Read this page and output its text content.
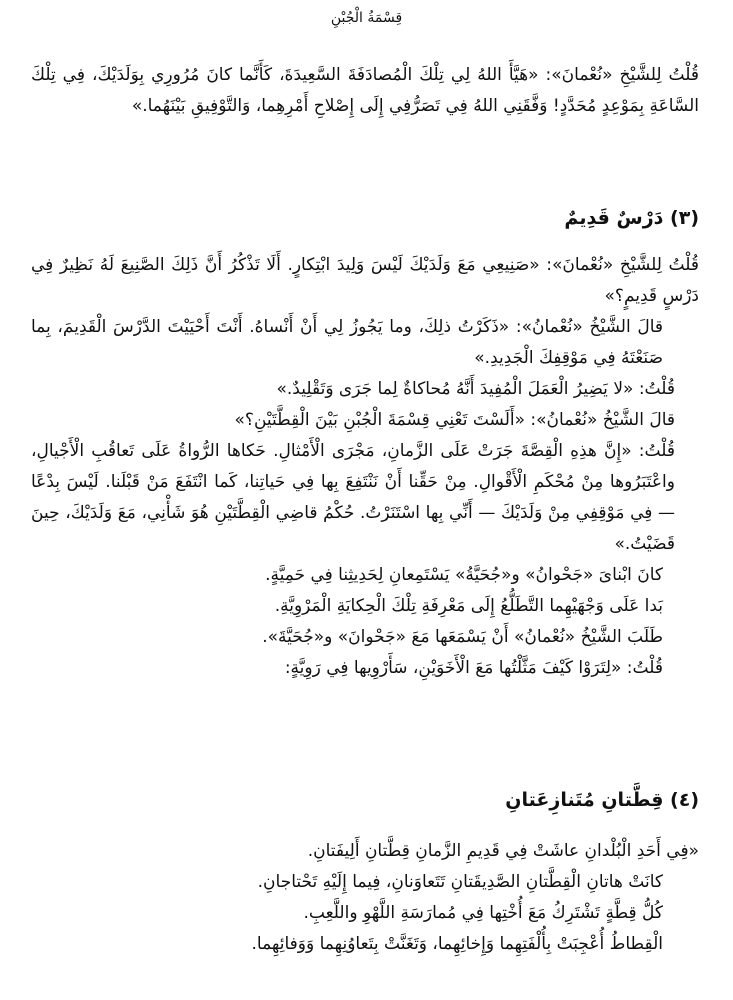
قِسْمَةُ الْجُبْنِ

قُلْتُ لِلشَّيْخِ «نُعْمانَ»: «هَيَّأَ اللهُ لِي تِلْكَ الْمُصادَفَةَ السَّعِيدَةَ، كَأَنَّما كانَ مُرُورِي بِوَلَدَيْكَ، فِي تِلْكَ السَّاعَةِ بِمَوْعِدٍ مُحَدَّدٍ! وَفَّقَنِي اللهُ فِي تَصَرُّفِي إِلَى إِصْلاحِ أَمْرِهِما، وَالتَّوْفِيقِ بَيْنَهُما.»

(٣) دَرْسٌ قَدِيمٌ

قُلْتُ لِلشَّيْخِ «نُعْمانَ»: «صَنِيعِي مَعَ وَلَدَيْكَ لَيْسَ وَلِيدَ ابْتِكارٍ. أَلَا تَذْكُرُ أَنَّ ذَلِكَ الصَّنِيعَ لَهُ نَظِيرٌ فِي دَرْسٍ قَدِيمٍ؟»

قالَ الشَّيْخُ «نُعْمانُ»: «ذَكَرْتُ ذلِكَ، وما يَجُوزُ لِي أَنْ أَنْساهُ. أَنْتَ أَحْيَيْتَ الدَّرْسَ الْقَدِيمَ، بِما صَنَعْتَهُ فِي مَوْقِفِكَ الْجَدِيدِ.»

قُلْتُ: «لا يَضِيرُ الْعَمَلَ الْمُفِيدَ أَنَّهُ مُحاكاةٌ لِما جَرَى وَتَقْلِيدٌ.»

قالَ الشَّيْخُ «نُعْمانُ»: «أَلَسْتَ تَعْنِي قِسْمَةَ الْجُبْنِ بَيْنَ الْقِطَّتَيْنِ؟»

قُلْتُ: «إِنَّ هذِهِ الْقِصَّةَ جَرَتْ عَلَى الزَّمانِ، مَجْرَى الْأَمْثالِ. حَكاها الرُّواةُ عَلَى تَعاقُبِ الْأَجْيالِ، واعْتَبَرُوها مِنْ مُحْكَمِ الْأَقْوالِ. مِنْ حَقِّنا أَنْ نَنْتَفِعَ بِها فِي حَياتِنا، كَما انْتَفَعَ مَنْ قَبْلَنا. لَيْسَ بِدْعًا — فِي مَوْقِفِي مِنْ وَلَدَيْكَ — أَنِّي بِها اسْتَنَرْتُ. حُكْمُ قاضِي الْقِطَّتَيْنِ هُوَ شَأْنِي، مَعَ وَلَدَيْكَ، حِينَ قَضَيْتُ.»

كانَ ابْناىَ «جَحْوانُ» و«جُحَيَّةُ» يَسْتَمِعانِ لِحَدِيثِنا فِي حَمِيَّةٍ.

بَدا عَلَى وَجْهَيْهِما التَّطَلُّعُ إِلَى مَعْرِفَةِ تِلْكَ الْحِكايَةِ الْمَرْوِيَّةِ.

طَلَبَ الشَّيْخُ «نُعْمانُ» أَنْ يَسْمَعَها مَعَ «جَحْوانَ» و«جُحَيَّةَ».

قُلْتُ: «لِتَرَوْا كَيْفَ مَثَّلْتُها مَعَ الْأَخَوَيْنِ، سَأَرْوِيها فِي رَوِيَّةٍ:

(٤) قِطَّتانِ مُتَنازِعَتانِ

«فِي أَحَدِ الْبُلْدانِ عاشَتْ فِي قَدِيمِ الزَّمانِ قِطَّتانِ أَلِيفَتانِ.

كانَتْ هاتانِ الْقِطَّتانِ الصَّدِيقَتانِ تَتَعاوَنانِ، فِيما إِلَيْهِ تَحْتاجانِ.

كُلُّ قِطَّةٍ تَشْتَرِكُ مَعَ أُخْتِها فِي مُمارَسَةِ اللَّهْوِ واللَّعِبِ.

الْقِطاطُ أُعْجِبَتْ بِأُلْفَتِهِما وَإِخائِهِما، وَتَغَنَّتْ بِتَعاوُنِهِما وَوَفائِهِما.
